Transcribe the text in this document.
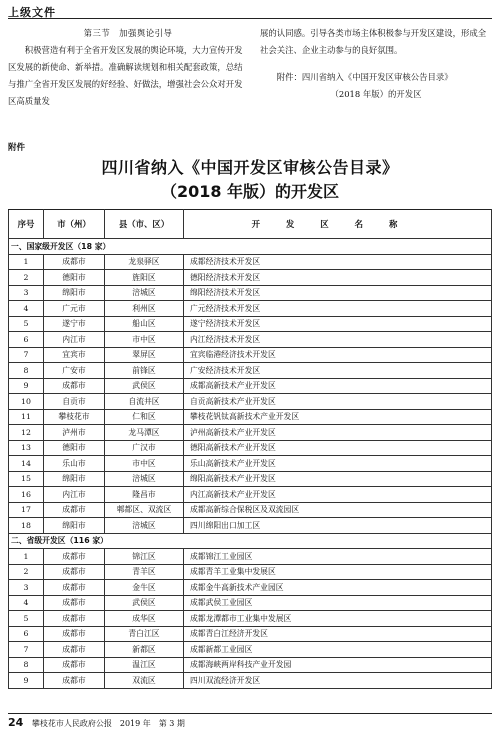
上级文件
第三节　加强舆论引导
积极营造有利于全省开发区发展的舆论环境，大力宣传开发区发展的新使命、新举措。准确解读规划和相关配套政策，总结与推广全省开发区发展的好经验、好做法，增强社会公众对开发区高质量发
展的认同感。引导各类市场主体积极参与开发区建设，形成全社会关注、企业主动参与的良好氛围。
附件：四川省纳入《中国开发区审核公告目录》
（2018 年版）的开发区
附件
四川省纳入《中国开发区审核公告目录》
（2018 年版）的开发区
序号	市（州）	县（市、区）	开发区名称
一、国家级开发区（18 家）			
1	成都市	龙泉驿区	成都经济技术开发区
2	德阳市	旌阳区	德阳经济技术开发区
3	绵阳市	涪城区	绵阳经济技术开发区
4	广元市	利州区	广元经济技术开发区
5	遂宁市	船山区	遂宁经济技术开发区
6	内江市	市中区	内江经济技术开发区
7	宜宾市	翠屏区	宜宾临港经济技术开发区
8	广安市	前锋区	广安经济技术开发区
9	成都市	武侯区	成都高新技术产业开发区
10	自贡市	自流井区	自贡高新技术产业开发区
11	攀枝花市	仁和区	攀枝花钒钛高新技术产业开发区
12	泸州市	龙马潭区	泸州高新技术产业开发区
13	德阳市	广汉市	德阳高新技术产业开发区
14	乐山市	市中区	乐山高新技术产业开发区
15	绵阳市	涪城区	绵阳高新技术产业开发区
16	内江市	隆昌市	内江高新技术产业开发区
17	成都市	郫都区、双流区	成都高新综合保税区及双流园区
18	绵阳市	涪城区	四川绵阳出口加工区
二、省级开发区（116 家）			
1	成都市	锦江区	成都锦江工业园区
2	成都市	青羊区	成都青羊工业集中发展区
3	成都市	金牛区	成都金牛高新技术产业园区
4	成都市	武侯区	成都武侯工业园区
5	成都市	成华区	成都龙潭都市工业集中发展区
6	成都市	青白江区	成都青白江经济开发区
7	成都市	新都区	成都新都工业园区
8	成都市	温江区	成都海峡两岸科技产业开发园
9	成都市	双流区	四川双流经济开发区
24 攀枝花市人民政府公报　2019 年　第 3 期
